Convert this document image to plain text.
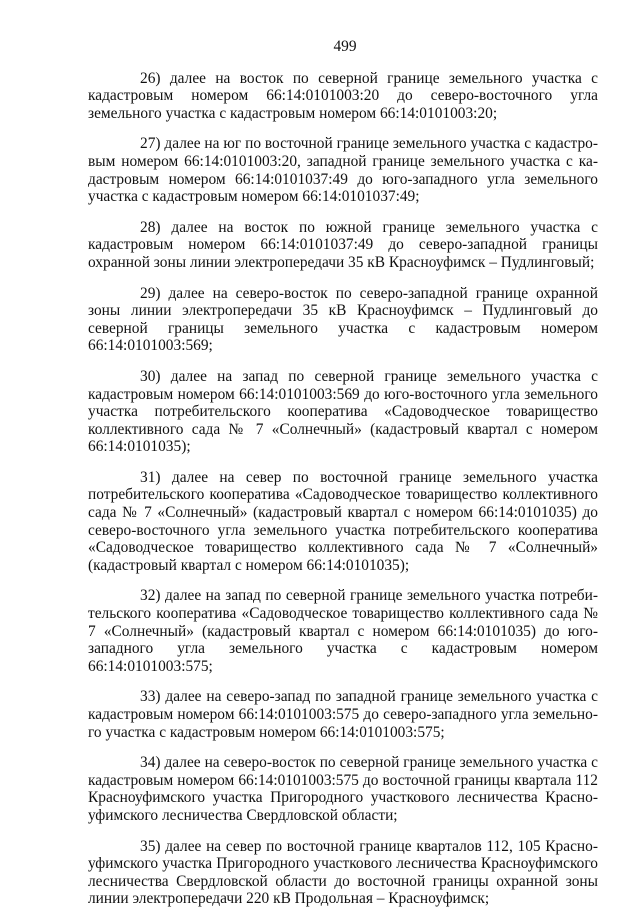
499

26) далее на восток по северной границе земельного участка с кадастровым номером 66:14:0101003:20 до северо-восточного угла земельного участка с кадастровым номером 66:14:0101003:20;

27) далее на юг по восточной границе земельного участка с кадастровым номером 66:14:0101003:20, западной границе земельного участка с кадастровым номером 66:14:0101037:49 до юго-западного угла земельного участка с кадастровым номером 66:14:0101037:49;

28) далее на восток по южной границе земельного участка с кадастровым номером 66:14:0101037:49 до северо-западной границы охранной зоны линии электропередачи 35 кВ Красноуфимск – Пудлинговый;

29) далее на северо-восток по северо-западной границе охранной зоны линии электропередачи 35 кВ Красноуфимск – Пудлинговый до северной границы земельного участка с кадастровым номером 66:14:0101003:569;

30) далее на запад по северной границе земельного участка с кадастровым номером 66:14:0101003:569 до юго-восточного угла земельного участка потребительского кооператива «Садоводческое товарищество коллективного сада № 7 «Солнечный» (кадастровый квартал с номером 66:14:0101035);

31) далее на север по восточной границе земельного участка потребительского кооператива «Садоводческое товарищество коллективного сада № 7 «Солнечный» (кадастровый квартал с номером 66:14:0101035) до северо-восточного угла земельного участка потребительского кооператива «Садоводческое товарищество коллективного сада № 7 «Солнечный» (кадастровый квартал с номером 66:14:0101035);

32) далее на запад по северной границе земельного участка потребительского кооператива «Садоводческое товарищество коллективного сада № 7 «Солнечный» (кадастровый квартал с номером 66:14:0101035) до юго-западного угла земельного участка с кадастровым номером 66:14:0101003:575;

33) далее на северо-запад по западной границе земельного участка с кадастровым номером 66:14:0101003:575 до северо-западного угла земельного участка с кадастровым номером 66:14:0101003:575;

34) далее на северо-восток по северной границе земельного участка с кадастровым номером 66:14:0101003:575 до восточной границы квартала 112 Красноуфимского участка Пригородного участкового лесничества Красноуфимского лесничества Свердловской области;

35) далее на север по восточной границе кварталов 112, 105 Красноуфимского участка Пригородного участкового лесничества Красноуфимского лесничества Свердловской области до восточной границы охранной зоны линии электропередачи 220 кВ Продольная – Красноуфимск;
